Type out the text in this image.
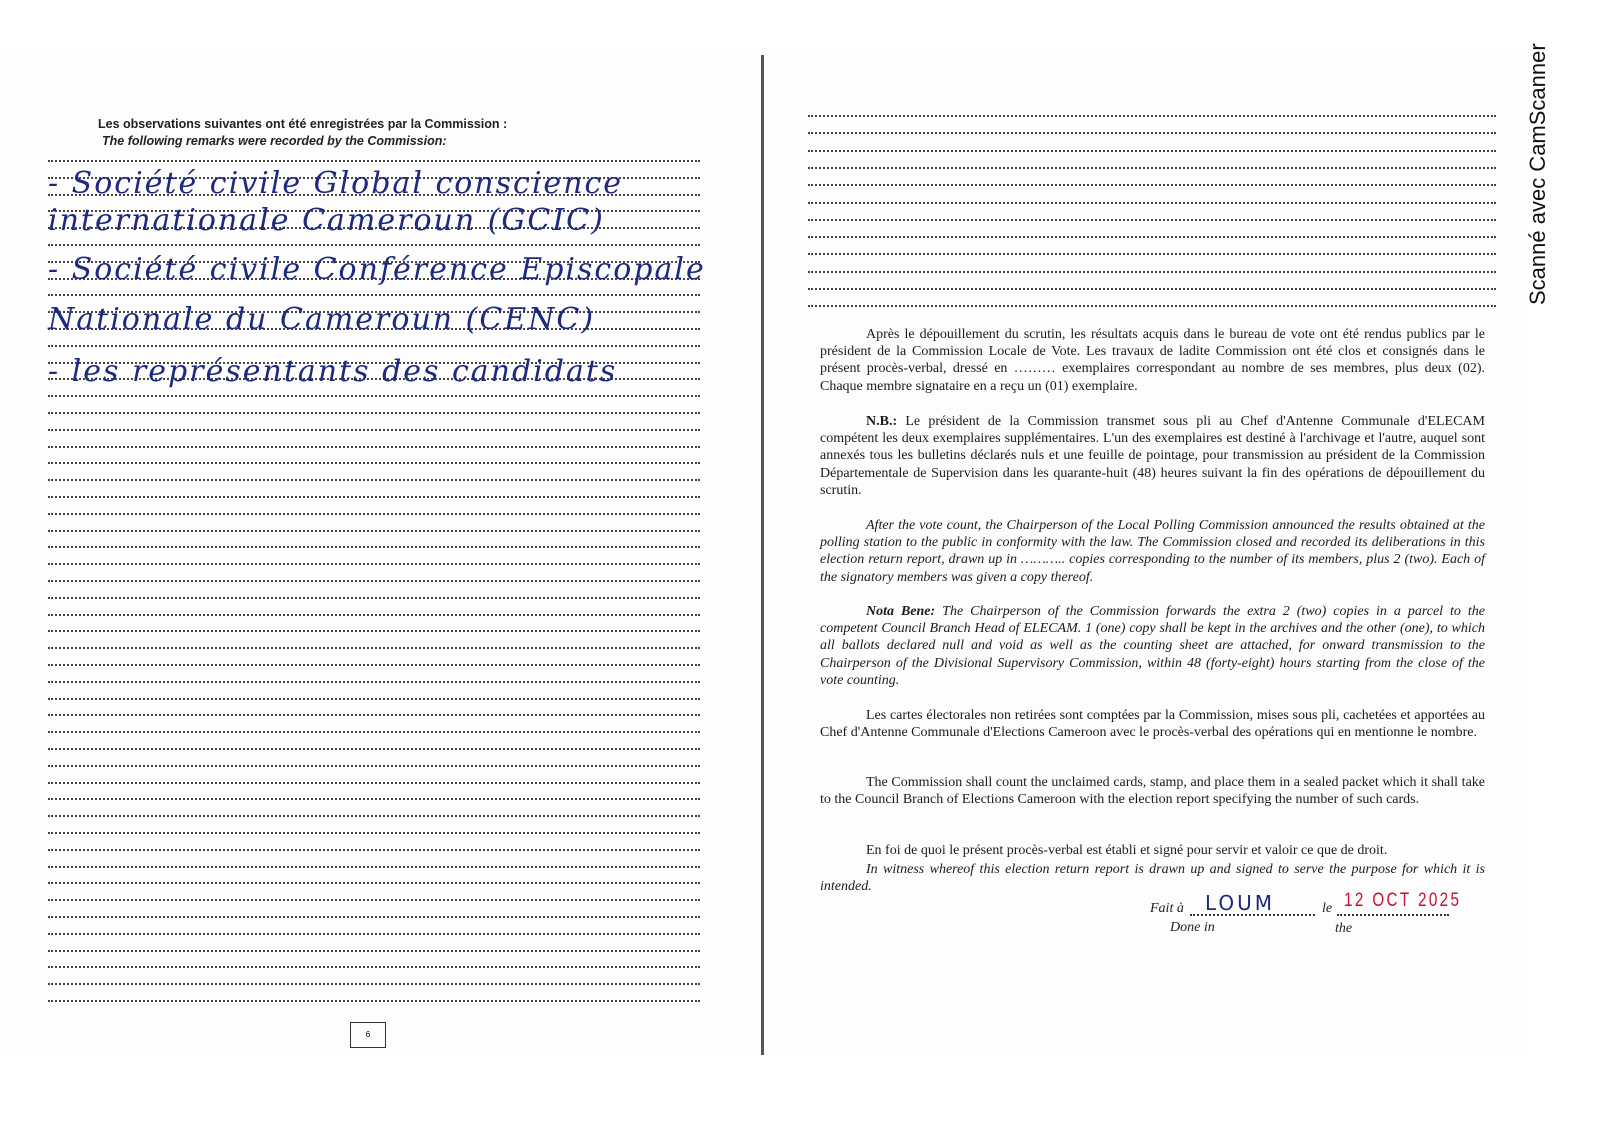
Les observations suivantes ont été enregistrées par la Commission :
The following remarks were recorded by the Commission:
- Société civile Global conscience
internationale Cameroun (GCIC)
- Société civile Conférence Episcopale
Nationale du Cameroun (CENC)
- les représentants des candidats
6
Après le dépouillement du scrutin, les résultats acquis dans le bureau de vote ont été rendus publics par le président de la Commission Locale de Vote. Les travaux de ladite Commission ont été clos et consignés dans le présent procès-verbal, dressé en ……… exemplaires correspondant au nombre de ses membres, plus deux (02). Chaque membre signataire en a reçu un (01) exemplaire.
N.B.: Le président de la Commission transmet sous pli au Chef d'Antenne Communale d'ELECAM compétent les deux exemplaires supplémentaires. L'un des exemplaires est destiné à l'archivage et l'autre, auquel sont annexés tous les bulletins déclarés nuls et une feuille de pointage, pour transmission au président de la Commission Départementale de Supervision dans les quarante-huit (48) heures suivant la fin des opérations de dépouillement du scrutin.
After the vote count, the Chairperson of the Local Polling Commission announced the results obtained at the polling station to the public in conformity with the law. The Commission closed and recorded its deliberations in this election return report, drawn up in ……….. copies corresponding to the number of its members, plus 2 (two). Each of the signatory members was given a copy thereof.
Nota Bene: The Chairperson of the Commission forwards the extra 2 (two) copies in a parcel to the competent Council Branch Head of ELECAM. 1 (one) copy shall be kept in the archives and the other (one), to which all ballots declared null and void as well as the counting sheet are attached, for onward transmission to the Chairperson of the Divisional Supervisory Commission, within 48 (forty-eight) hours starting from the close of the vote counting.
Les cartes électorales non retirées sont comptées par la Commission, mises sous pli, cachetées et apportées au Chef d'Antenne Communale d'Elections Cameroon avec le procès-verbal des opérations qui en mentionne le nombre.
The Commission shall count the unclaimed cards, stamp, and place them in a sealed packet which it shall take to the Council Branch of Elections Cameroon with the election report specifying the number of such cards.
En foi de quoi le présent procès-verbal est établi et signé pour servir et valoir ce que de droit.
In witness whereof this election return report is drawn up and signed to serve the purpose for which it is intended.
Fait à LOUM	le 12 OCT 2025
Done in	the
Scanné avec CamScanner
